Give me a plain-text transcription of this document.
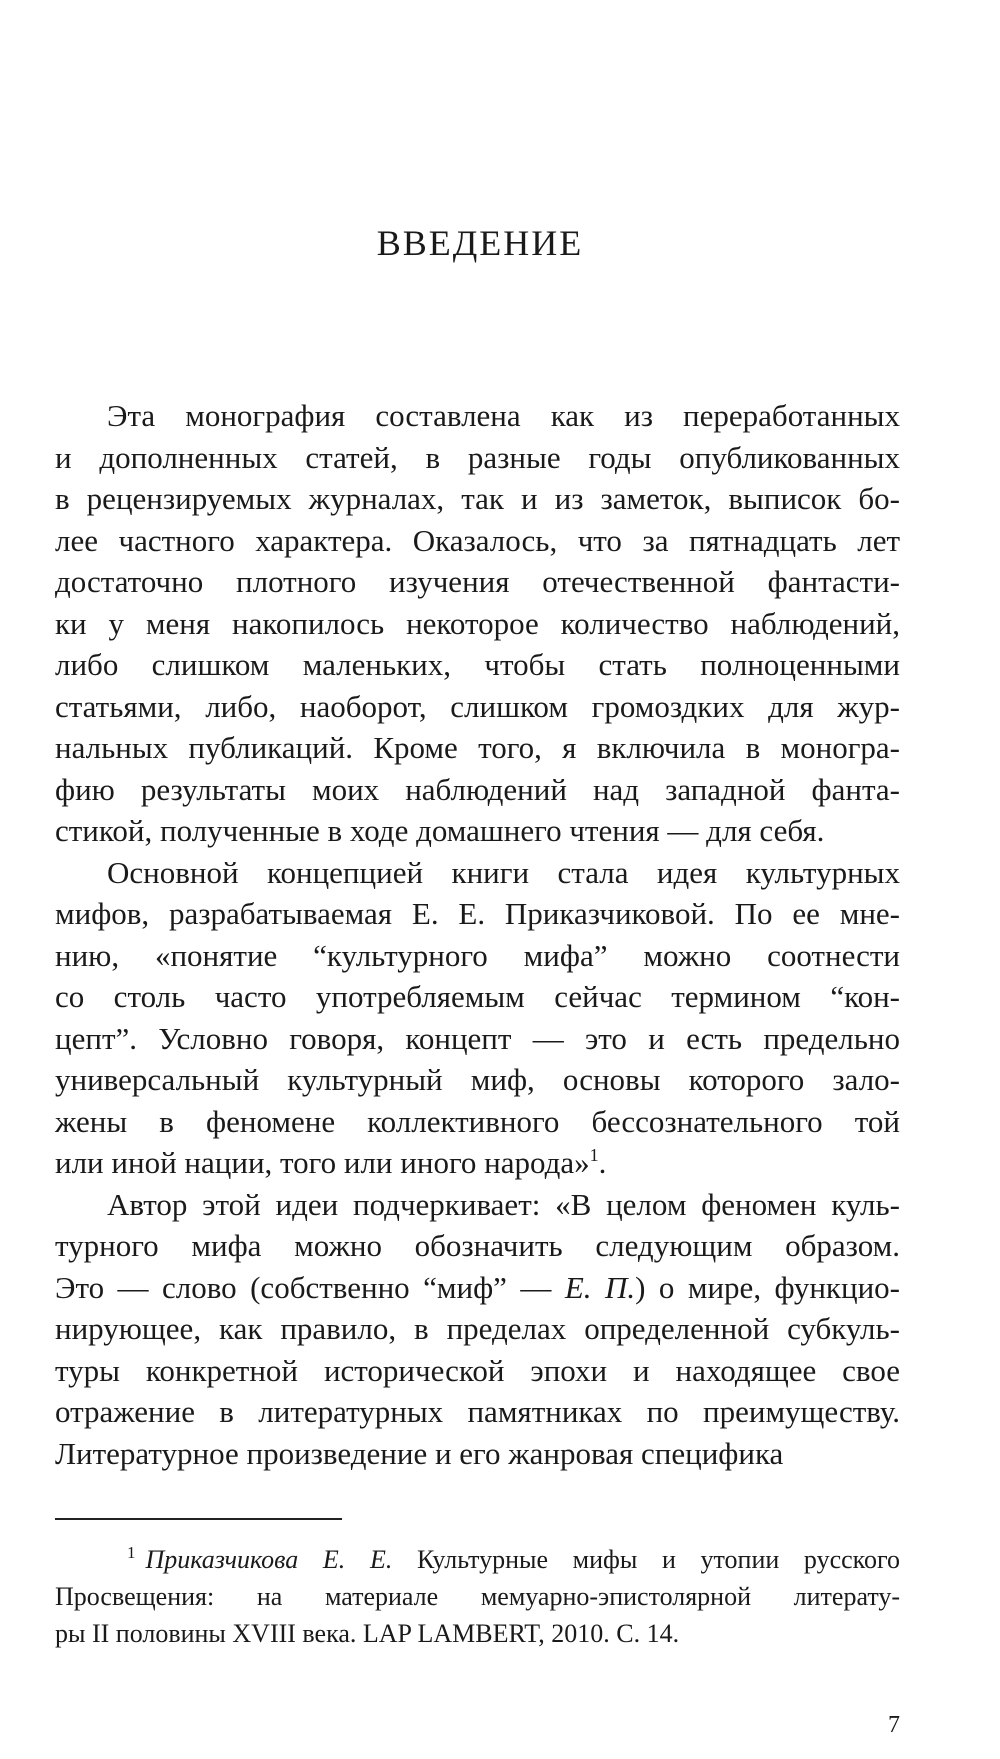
ВВЕДЕНИЕ
Эта монография составлена как из переработанных
и дополненных статей, в разные годы опубликованных
в рецензируемых журналах, так и из заметок, выписок бо-
лее частного характера. Оказалось, что за пятнадцать лет
достаточно плотного изучения отечественной фантасти-
ки у меня накопилось некоторое количество наблюдений,
либо слишком маленьких, чтобы стать полноценными
статьями, либо, наоборот, слишком громоздких для жур-
нальных публикаций. Кроме того, я включила в моногра-
фию результаты моих наблюдений над западной фанта-
стикой, полученные в ходе домашнего чтения — для себя.
Основной концепцией книги стала идея культурных
мифов, разрабатываемая Е. Е. Приказчиковой. По ее мне-
нию, «понятие “культурного мифа” можно соотнести
со столь часто употребляемым сейчас термином “кон-
цепт”. Условно говоря, концепт — это и есть предельно
универсальный культурный миф, основы которого зало-
жены в феномене коллективного бессознательного той
или иной нации, того или иного народа»$^1$.
Автор этой идеи подчеркивает: «В целом феномен куль-
турного мифа можно обозначить следующим образом.
Это — слово (собственно “миф” — Е. П.) о мире, функцио-
нирующее, как правило, в пределах определенной субкуль-
туры конкретной исторической эпохи и находящее свое
отражение в литературных памятниках по преимуществу.
Литературное произведение и его жанровая специфика
$^1$ Приказчикова Е. Е. Культурные мифы и утопии русского
Просвещения: на материале мемуарно-эпистолярной литерату-
ры II половины XVIII века. LAP LAMBERT, 2010. С. 14.
7
